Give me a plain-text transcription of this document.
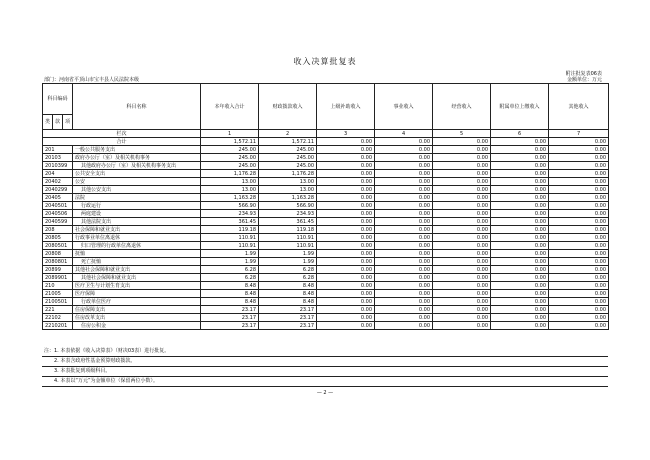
收入决算批复表
附注批复表06表
部门：河南省平顶山市宝丰县人民法院本级	金额单位：万元
科目编码			科目名称	本年收入合计	财政拨款收入	上级补助收入	事业收入	经营收入	附属单位上缴收入	其他收入
类	款	项								
栏次				1	2	3	4	5	6	7
合计				1,572.11	1,572.11	0.00	0.00	0.00	0.00	0.00
201			一般公共服务支出	245.00	245.00	0.00	0.00	0.00	0.00	0.00
20103			政府办公厅（室）及相关机构事务	245.00	245.00	0.00	0.00	0.00	0.00	0.00
2010399			其他政府办公厅（室）及相关机构事务支出	245.00	245.00	0.00	0.00	0.00	0.00	0.00
204			公共安全支出	1,176.28	1,176.28	0.00	0.00	0.00	0.00	0.00
20402			公安	13.00	13.00	0.00	0.00	0.00	0.00	0.00
2040299			其他公安支出	13.00	13.00	0.00	0.00	0.00	0.00	0.00
20405			法院	1,163.28	1,163.28	0.00	0.00	0.00	0.00	0.00
2040501			行政运行	566.90	566.90	0.00	0.00	0.00	0.00	0.00
2040506			两庭建设	234.93	234.93	0.00	0.00	0.00	0.00	0.00
2040599			其他法院支出	361.45	361.45	0.00	0.00	0.00	0.00	0.00
208			社会保障和就业支出	119.18	119.18	0.00	0.00	0.00	0.00	0.00
20805			行政事业单位离退休	110.91	110.91	0.00	0.00	0.00	0.00	0.00
2080501			归口管理的行政单位离退休	110.91	110.91	0.00	0.00	0.00	0.00	0.00
20808			抚恤	1.99	1.99	0.00	0.00	0.00	0.00	0.00
2080801			死亡抚恤	1.99	1.99	0.00	0.00	0.00	0.00	0.00
20899			其他社会保障和就业支出	6.28	6.28	0.00	0.00	0.00	0.00	0.00
2089901			其他社会保障和就业支出	6.28	6.28	0.00	0.00	0.00	0.00	0.00
210			医疗卫生与计划生育支出	8.48	8.48	0.00	0.00	0.00	0.00	0.00
21005			医疗保障	8.48	8.48	0.00	0.00	0.00	0.00	0.00
2100501			行政单位医疗	8.48	8.48	0.00	0.00	0.00	0.00	0.00
221			住房保障支出	23.17	23.17	0.00	0.00	0.00	0.00	0.00
22102			住房改革支出	23.17	23.17	0.00	0.00	0.00	0.00	0.00
2210201			住房公积金	23.17	23.17	0.00	0.00	0.00	0.00	0.00
注：1. 本表依据《收入决算表》（财决03表）进行批复。
2. 本表含政府性基金预算财政拨款。
3. 本表批复到项级科目。
4. 本表以“万元”为金额单位（保留两位小数）。
— 2 —
